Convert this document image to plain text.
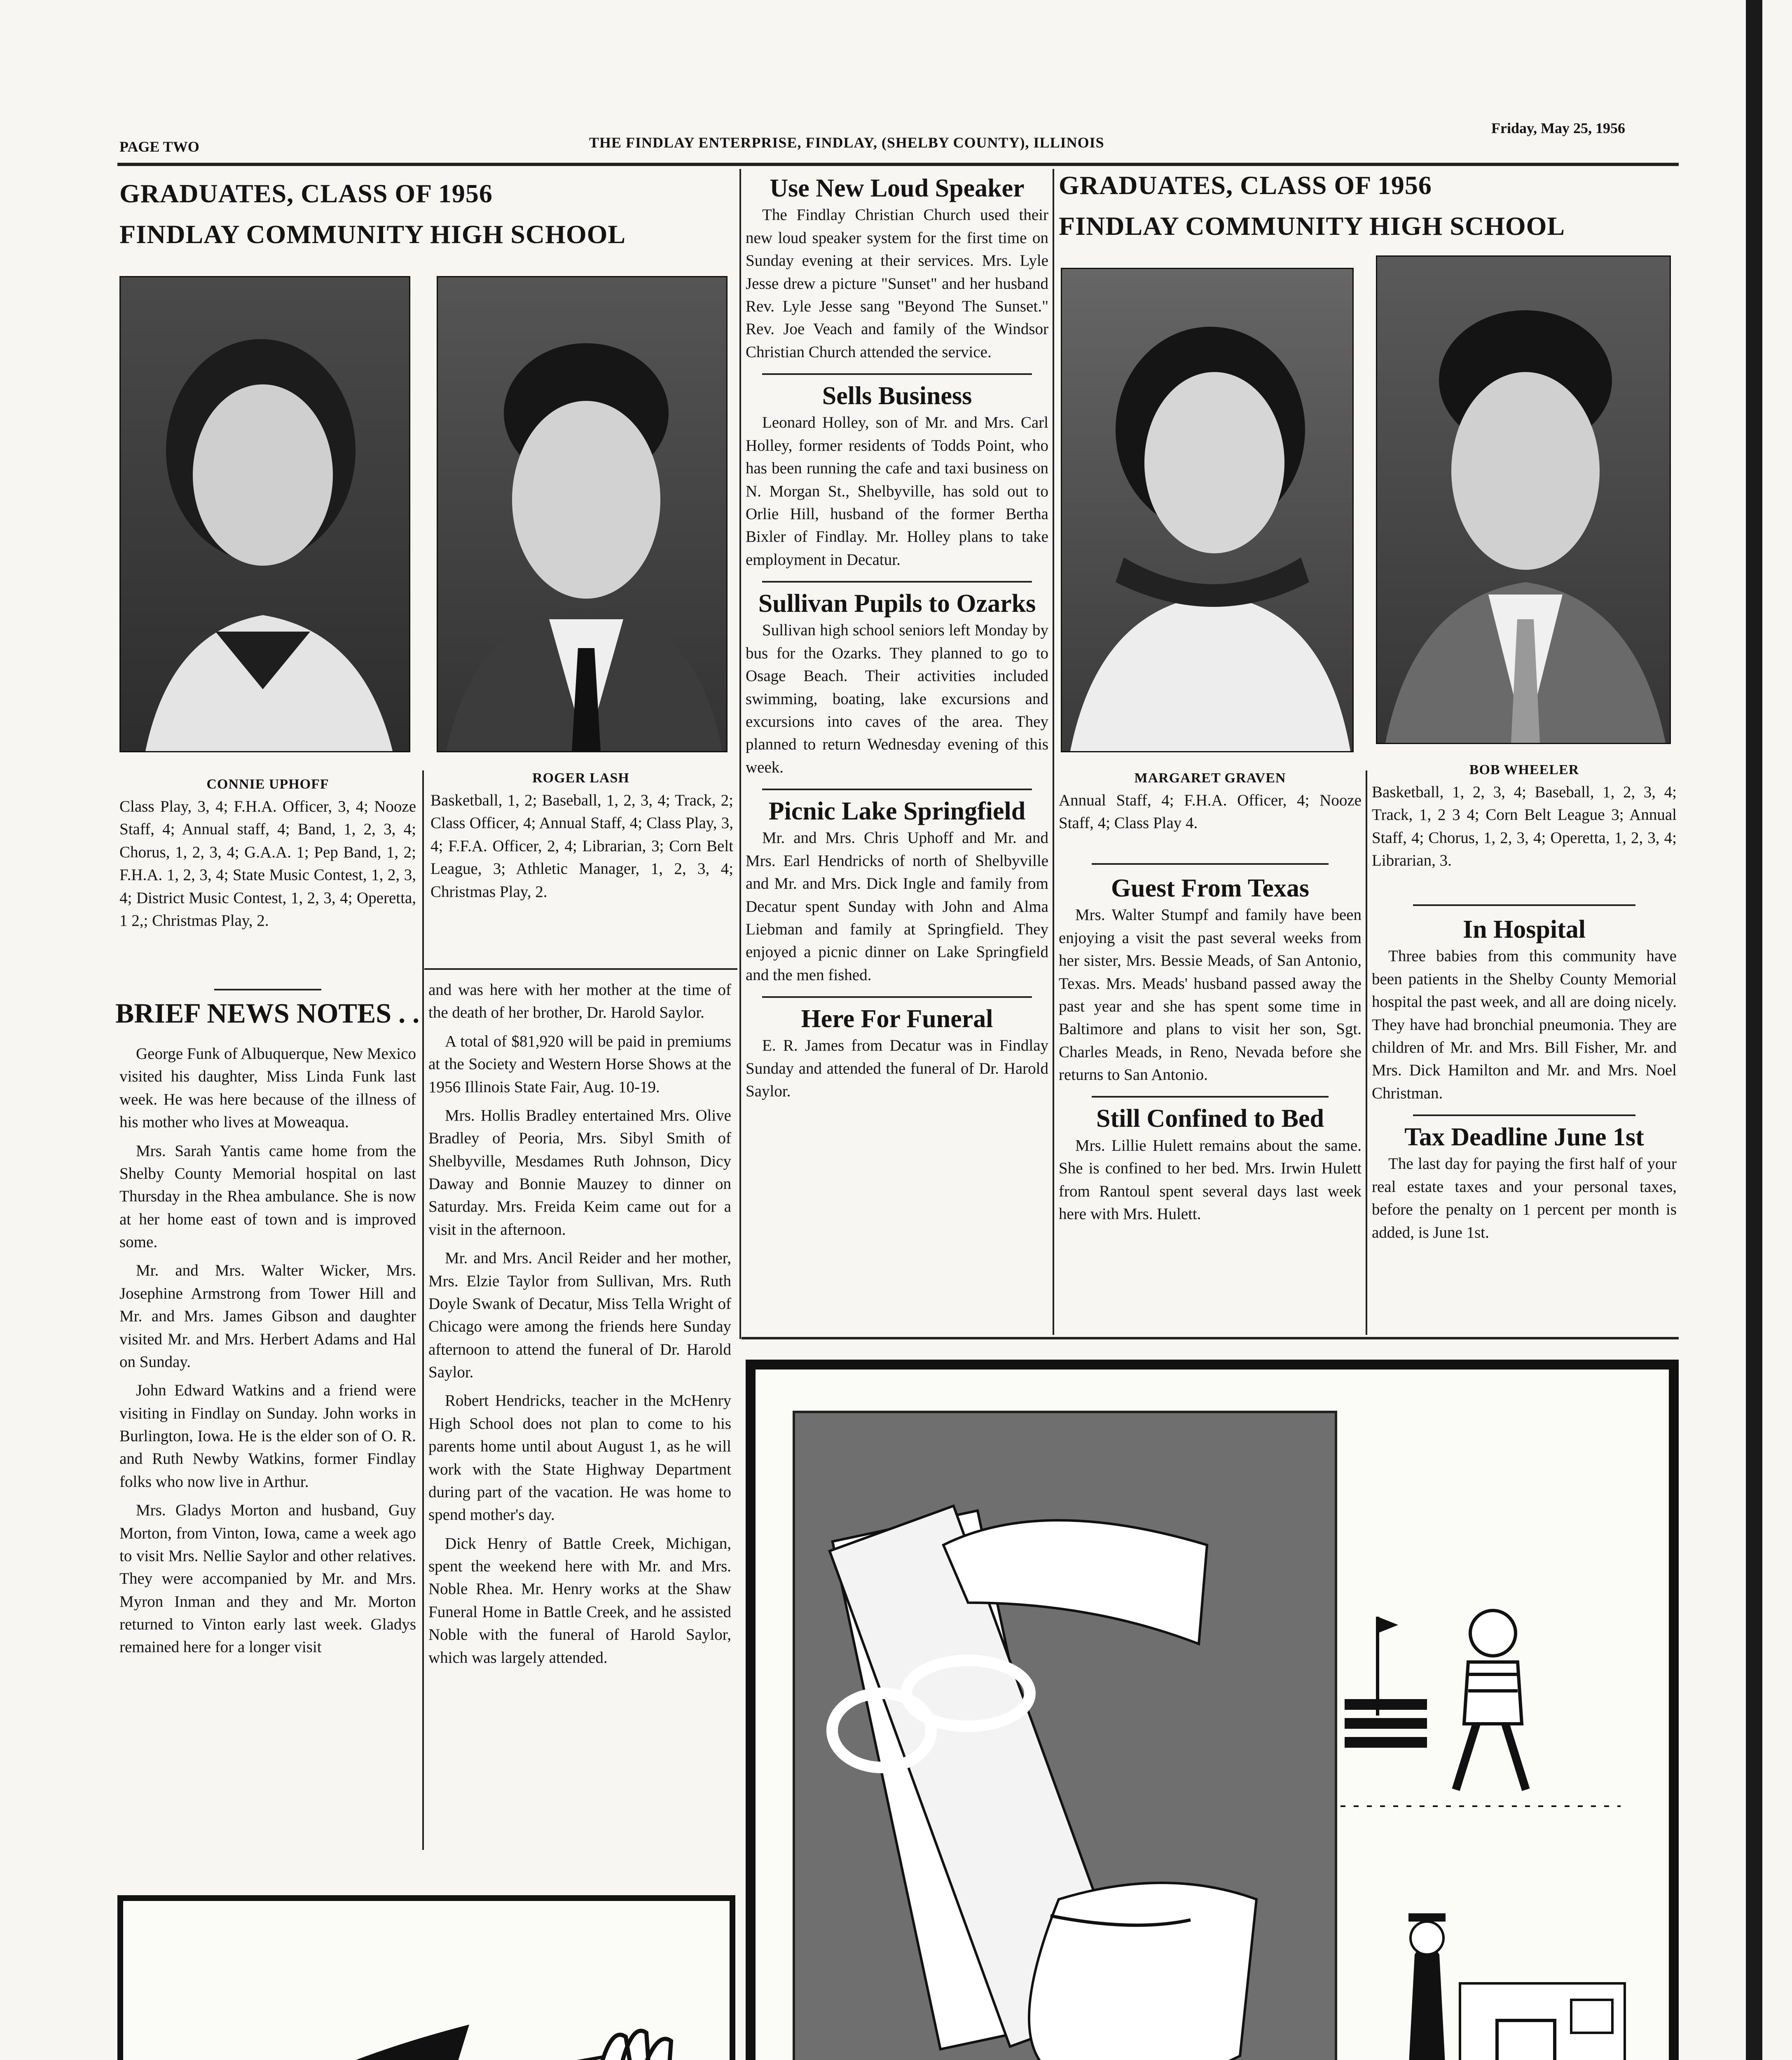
PAGE TWO	THE FINDLAY ENTERPRISE, FINDLAY, (SHELBY COUNTY), ILLINOIS
Friday, May 25, 1956
GRADUATES, CLASS OF 1956
FINDLAY COMMUNITY HIGH SCHOOL
CONNIE UPHOFF
Class Play, 3, 4; F.H.A. Officer, 3, 4; Nooze Staff, 4; Annual staff, 4; Band, 1, 2, 3, 4; Chorus, 1, 2, 3, 4; G.A.A. 1; Pep Band, 1, 2; F.H.A. 1, 2, 3, 4; State Music Contest, 1, 2, 3, 4; District Music Contest, 1, 2, 3, 4; Operetta, 1 2,; Christmas Play, 2.
ROGER LASH
Basketball, 1, 2; Baseball, 1, 2, 3, 4; Track, 2; Class Officer, 4; Annual Staff, 4; Class Play, 3, 4; F.F.A. Officer, 2, 4; Librarian, 3; Corn Belt League, 3; Athletic Manager, 1, 2, 3, 4; Christmas Play, 2.
BRIEF NEWS NOTES . .

George Funk of Albuquerque, New Mexico visited his daughter, Miss Linda Funk last week. He was here because of the illness of his mother who lives at Moweaqua.

Mrs. Sarah Yantis came home from the Shelby County Memorial hospital on last Thursday in the Rhea ambulance. She is now at her home east of town and is improved some.

Mr. and Mrs. Walter Wicker, Mrs. Josephine Armstrong from Tower Hill and Mr. and Mrs. James Gibson and daughter visited Mr. and Mrs. Herbert Adams and Hal on Sunday.

John Edward Watkins and a friend were visiting in Findlay on Sunday. John works in Burlington, Iowa. He is the elder son of O. R. and Ruth Newby Watkins, former Findlay folks who now live in Arthur.

Mrs. Gladys Morton and husband, Guy Morton, from Vinton, Iowa, came a week ago to visit Mrs. Nellie Saylor and other relatives. They were accompanied by Mr. and Mrs. Myron Inman and they and Mr. Morton returned to Vinton early last week. Gladys remained here for a longer visit

and was here with her mother at the time of the death of her brother, Dr. Harold Saylor.

A total of $81,920 will be paid in premiums at the Society and Western Horse Shows at the 1956 Illinois State Fair, Aug. 10-19.

Mrs. Hollis Bradley entertained Mrs. Olive Bradley of Peoria, Mrs. Sibyl Smith of Shelbyville, Mesdames Ruth Johnson, Dicy Daway and Bonnie Mauzey to dinner on Saturday. Mrs. Freida Keim came out for a visit in the afternoon.

Mr. and Mrs. Ancil Reider and her mother, Mrs. Elzie Taylor from Sullivan, Mrs. Ruth Doyle Swank of Decatur, Miss Tella Wright of Chicago were among the friends here Sunday afternoon to attend the funeral of Dr. Harold Saylor.

Robert Hendricks, teacher in the McHenry High School does not plan to come to his parents home until about August 1, as he will work with the State Highway Department during part of the vacation. He was home to spend mother's day.

Dick Henry of Battle Creek, Michigan, spent the weekend here with Mr. and Mrs. Noble Rhea. Mr. Henry works at the Shaw Funeral Home in Battle Creek, and he assisted Noble with the funeral of Harold Saylor, which was largely attended.

Use New Loud Speaker

The Findlay Christian Church used their new loud speaker system for the first time on Sunday evening at their services. Mrs. Lyle Jesse drew a picture "Sunset" and her husband Rev. Lyle Jesse sang "Beyond The Sunset." Rev. Joe Veach and family of the Windsor Christian Church attended the service.

Sells Business

Leonard Holley, son of Mr. and Mrs. Carl Holley, former residents of Todds Point, who has been running the cafe and taxi business on N. Morgan St., Shelbyville, has sold out to Orlie Hill, husband of the former Bertha Bixler of Findlay. Mr. Holley plans to take employment in Decatur.

Sullivan Pupils to Ozarks

Sullivan high school seniors left Monday by bus for the Ozarks. They planned to go to Osage Beach. Their activities included swimming, boating, lake excursions and excursions into caves of the area. They planned to return Wednesday evening of this week.

Picnic Lake Springfield

Mr. and Mrs. Chris Uphoff and Mr. and Mrs. Earl Hendricks of north of Shelbyville and Mr. and Mrs. Dick Ingle and family from Decatur spent Sunday with John and Alma Liebman and family at Springfield. They enjoyed a picnic dinner on Lake Springfield and the men fished.

Here For Funeral

E. R. James from Decatur was in Findlay Sunday and attended the funeral of Dr. Harold Saylor.

GRADUATES, CLASS OF 1956
FINDLAY COMMUNITY HIGH SCHOOL
MARGARET GRAVEN
Annual Staff, 4; F.H.A. Officer, 4; Nooze Staff, 4; Class Play 4.
BOB WHEELER
Basketball, 1, 2, 3, 4; Baseball, 1, 2, 3, 4; Track, 1, 2 3 4; Corn Belt League 3; Annual Staff, 4; Chorus, 1, 2, 3, 4; Operetta, 1, 2, 3, 4; Librarian, 3.
Guest From Texas

Mrs. Walter Stumpf and family have been enjoying a visit the past several weeks from her sister, Mrs. Bessie Meads, of San Antonio, Texas. Mrs. Meads' husband passed away the past year and she has spent some time in Baltimore and plans to visit her son, Sgt. Charles Meads, in Reno, Nevada before she returns to San Antonio.

Still Confined to Bed

Mrs. Lillie Hulett remains about the same. She is confined to her bed. Mrs. Irwin Hulett from Rantoul spent several days last week here with Mrs. Hulett.

In Hospital

Three babies from this community have been patients in the Shelby County Memorial hospital the past week, and all are doing nicely. They have had bronchial pneumonia. They are children of Mr. and Mrs. Bill Fisher, Mr. and Mrs. Dick Hamilton and Mr. and Mrs. Noel Christman.

Tax Deadline June 1st

The last day for paying the first half of your real estate taxes and your personal taxes, before the penalty on 1 percent per month is added, is June 1st.
